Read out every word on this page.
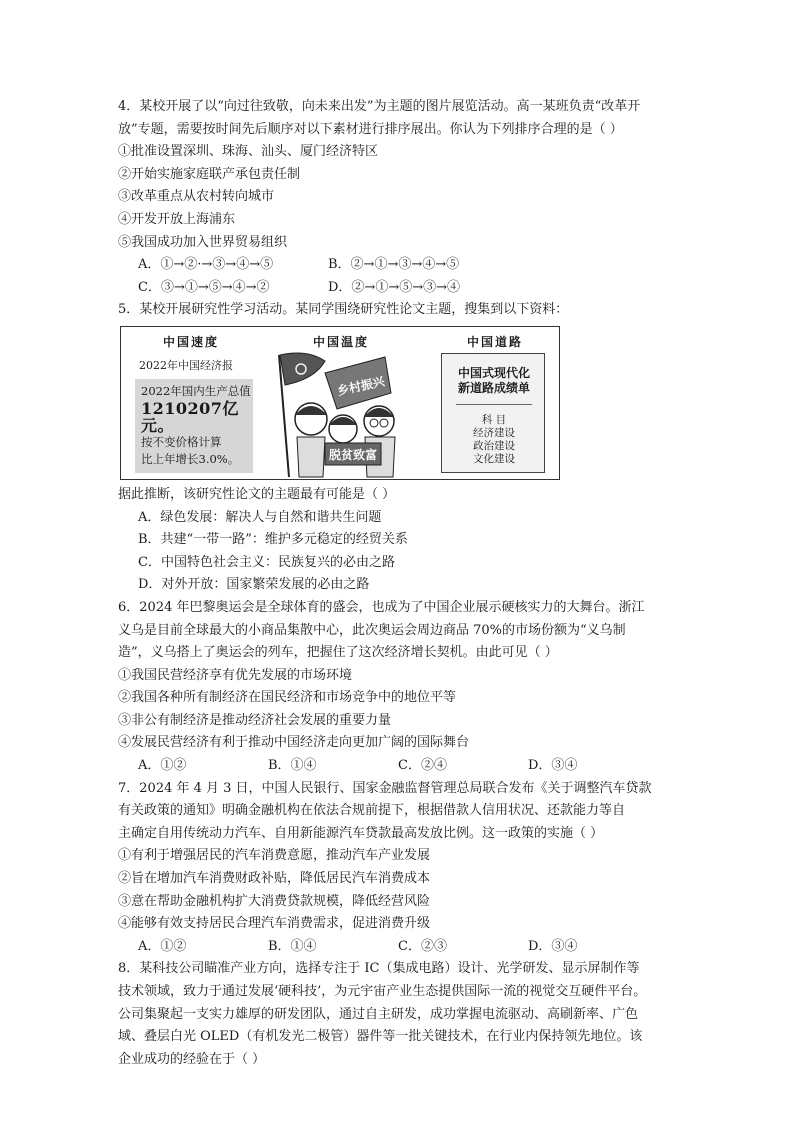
4．某校开展了以“向过往致敬，向未来出发”为主题的图片展览活动。高一某班负责“改革开
放”专题，需要按时间先后顺序对以下素材进行排序展出。你认为下列排序合理的是（ ）
①批准设置深圳、珠海、汕头、厦门经济特区
②开始实施家庭联产承包责任制
③改革重点从农村转向城市
④开发开放上海浦东
⑤我国成功加入世界贸易组织
A．①→②·→③→④→⑤	B．②→①→③→④→⑤
C．③→①→⑤→④→②	D．②→①→⑤→③→④
5．某校开展研究性学习活动。某同学围绕研究性论文主题，搜集到以下资料：
中国速度
2022年中国经济报
2022年国内生产总值
1210207亿元。
按不变价格计算
比上年增长3.0%。
中国温度
乡村振兴
脱贫致富
中国道路
中国式现代化
新道路成绩单
科 目
经济建设
政治建设
文化建设
据此推断，该研究性论文的主题最有可能是（ ）
A．绿色发展：解决人与自然和谐共生问题
B．共建“一带一路”：维护多元稳定的经贸关系
C．中国特色社会主义：民族复兴的必由之路
D．对外开放：国家繁荣发展的必由之路
6．2024 年巴黎奥运会是全球体育的盛会，也成为了中国企业展示硬核实力的大舞台。浙江
义乌是目前全球最大的小商品集散中心，此次奥运会周边商品 70%的市场份额为“义乌制
造”，义乌搭上了奥运会的列车，把握住了这次经济增长契机。由此可见（ ）
①我国民营经济享有优先发展的市场环境
②我国各种所有制经济在国民经济和市场竞争中的地位平等
③非公有制经济是推动经济社会发展的重要力量
④发展民营经济有利于推动中国经济走向更加广阔的国际舞台
A．①②	B．①④	C．②④	D．③④
7．2024 年 4 月 3 日，中国人民银行、国家金融监督管理总局联合发布《关于调整汽车贷款
有关政策的通知》明确金融机构在依法合规前提下，根据借款人信用状况、还款能力等自
主确定自用传统动力汽车、自用新能源汽车贷款最高发放比例。这一政策的实施（ ）
①有利于增强居民的汽车消费意愿，推动汽车产业发展
②旨在增加汽车消费财政补贴，降低居民汽车消费成本
③意在帮助金融机构扩大消费贷款规模，降低经营风险
④能够有效支持居民合理汽车消费需求，促进消费升级
A．①②	B．①④	C．②③	D．③④
8．某科技公司瞄准产业方向，选择专注于 IC（集成电路）设计、光学研发、显示屏制作等
技术领域，致力于通过发展‘硬科技’，为元宇宙产业生态提供国际一流的视觉交互硬件平台。
公司集聚起一支实力雄厚的研发团队，通过自主研发，成功掌握电流驱动、高刷新率、广色
域、叠层白光 OLED（有机发光二极管）器件等一批关键技术，在行业内保持领先地位。该
企业成功的经验在于（ ）
